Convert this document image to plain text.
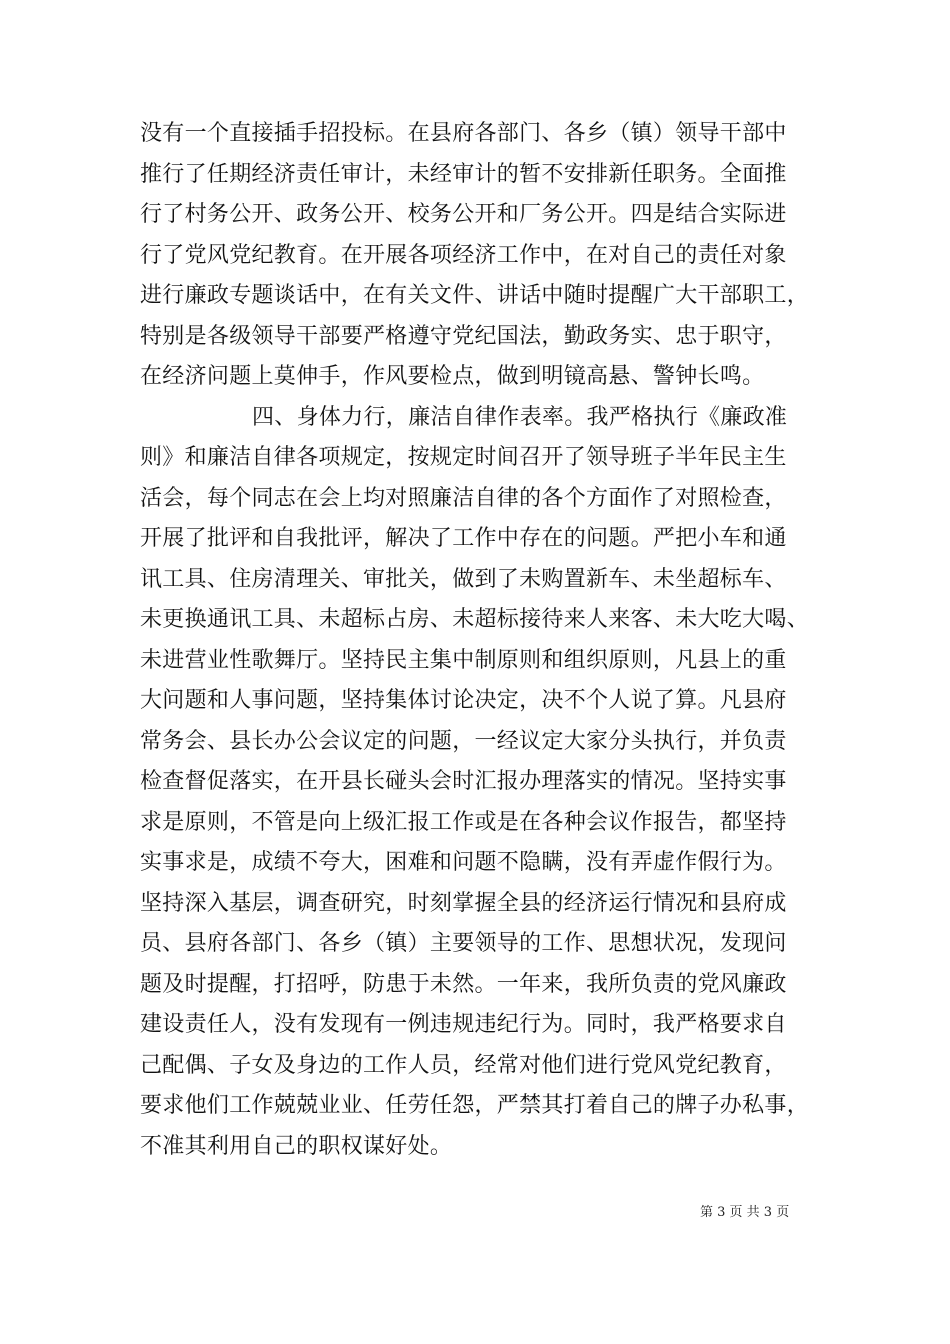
没有一个直接插手招投标。在县府各部门、各乡（镇）领导干部中
推行了任期经济责任审计，未经审计的暂不安排新任职务。全面推
行了村务公开、政务公开、校务公开和厂务公开。四是结合实际进
行了党风党纪教育。在开展各项经济工作中，在对自己的责任对象
进行廉政专题谈话中，在有关文件、讲话中随时提醒广大干部职工，
特别是各级领导干部要严格遵守党纪国法，勤政务实、忠于职守，
在经济问题上莫伸手，作风要检点，做到明镜高悬、警钟长鸣。
四、身体力行，廉洁自律作表率。我严格执行《廉政准
则》和廉洁自律各项规定，按规定时间召开了领导班子半年民主生
活会，每个同志在会上均对照廉洁自律的各个方面作了对照检查，
开展了批评和自我批评，解决了工作中存在的问题。严把小车和通
讯工具、住房清理关、审批关，做到了未购置新车、未坐超标车、
未更换通讯工具、未超标占房、未超标接待来人来客、未大吃大喝、
未进营业性歌舞厅。坚持民主集中制原则和组织原则，凡县上的重
大问题和人事问题，坚持集体讨论决定，决不个人说了算。凡县府
常务会、县长办公会议定的问题，一经议定大家分头执行，并负责
检查督促落实，在开县长碰头会时汇报办理落实的情况。坚持实事
求是原则，不管是向上级汇报工作或是在各种会议作报告，都坚持
实事求是，成绩不夸大，困难和问题不隐瞒，没有弄虚作假行为。
坚持深入基层，调查研究，时刻掌握全县的经济运行情况和县府成
员、县府各部门、各乡（镇）主要领导的工作、思想状况，发现问
题及时提醒，打招呼，防患于未然。一年来，我所负责的党风廉政
建设责任人，没有发现有一例违规违纪行为。同时，我严格要求自
己配偶、子女及身边的工作人员，经常对他们进行党风党纪教育，
要求他们工作兢兢业业、任劳任怨，严禁其打着自己的牌子办私事，
不准其利用自己的职权谋好处。
第 3 页 共 3 页
